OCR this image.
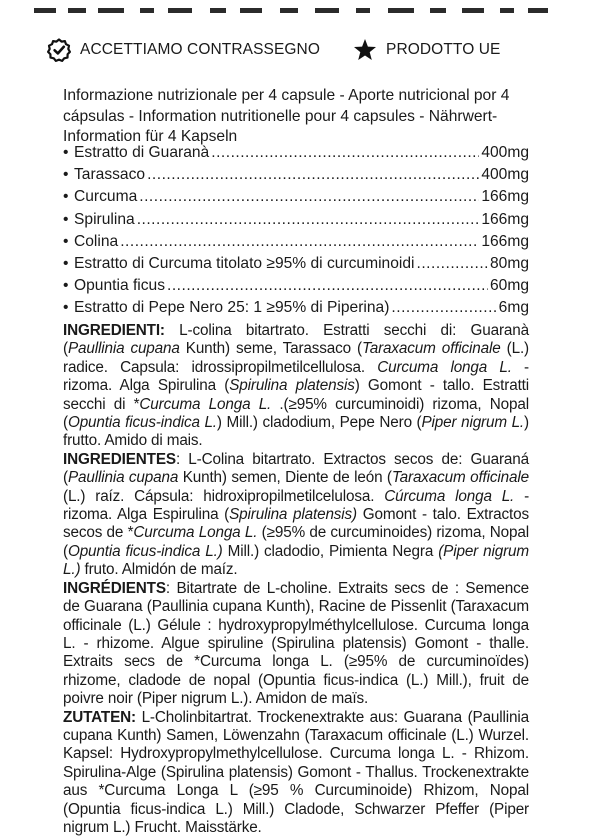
ACCETTIAMO CONTRASSEGNO	PRODOTTO UE
Informazione nutrizionale per 4 capsule - Aporte nutricional por 4 cápsulas - Information nutritionelle pour 4 capsules - Nährwert-Information für 4 Kapseln
• Estratto di Guaranà .....	400mg
• Tarassaco .....	400mg
• Curcuma .....	166mg
• Spirulina .....	166mg
• Colina .....	166mg
• Estratto di Curcuma titolato ≥95% di curcuminoidi .....	80mg
• Opuntia ficus .....	60mg
• Estratto di Pepe Nero 25: 1 ≥95% di Piperina) .....	6mg

INGREDIENTI: L-colina bitartrato. Estratti secchi di: Guaranà (Paullinia cupana Kunth) seme, Tarassaco (Taraxacum officinale (L.) radice. Capsula: idrossipropilmetilcellulosa. Curcuma longa L. - rizoma. Alga Spirulina (Spirulina platensis) Gomont - tallo. Estratti secchi di *Curcuma Longa L. .(≥95% curcuminoidi) rizoma, Nopal (Opuntia ficus-indica L.) Mill.) cladodium, Pepe Nero (Piper nigrum L.) frutto. Amido di mais.

INGREDIENTES: L-Colina bitartrato. Extractos secos de: Guaraná (Paullinia cupana Kunth) semen, Diente de león (Taraxacum officinale (L.) raíz. Cápsula: hidroxipropilmetilcelulosa. Cúrcuma longa L. - rizoma. Alga Espirulina (Spirulina platensis) Gomont - talo. Extractos secos de *Curcuma Longa L. (≥95% de curcuminoides) rizoma, Nopal (Opuntia ficus-indica L.) Mill.) cladodio, Pimienta Negra (Piper nigrum L.) fruto. Almidón de maíz.

INGRÉDIENTS: Bitartrate de L-choline. Extraits secs de : Semence de Guarana (Paullinia cupana Kunth), Racine de Pissenlit (Taraxacum officinale (L.) Gélule : hydroxypropylméthylcellulose. Curcuma longa L. - rhizome. Algue spiruline (Spirulina platensis) Gomont - thalle. Extraits secs de *Curcuma longa L. (≥95% de curcuminoïdes) rhizome, cladode de nopal (Opuntia ficus-indica (L.) Mill.), fruit de poivre noir (Piper nigrum L.). Amidon de maïs.

ZUTATEN: L-Cholinbitartrat. Trockenextrakte aus: Guarana (Paullinia cupana Kunth) Samen, Löwenzahn (Taraxacum officinale (L.) Wurzel. Kapsel: Hydroxypropylmethylcellulose. Curcuma longa L. - Rhizom. Spirulina-Alge (Spirulina platensis) Gomont - Thallus. Trockenextrakte aus *Curcuma Longa L (≥95 % Curcuminoide) Rhizom, Nopal (Opuntia ficus-indica L.) Mill.) Cladode, Schwarzer Pfeffer (Piper nigrum L.) Frucht. Maisstärke.
